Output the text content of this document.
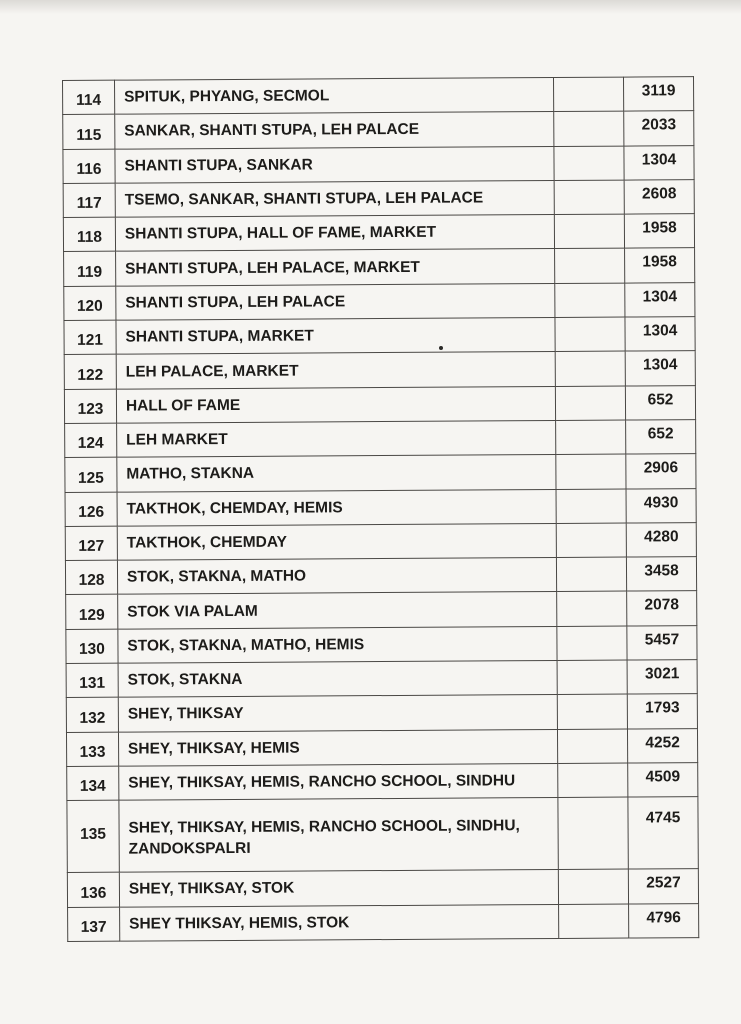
114	SPITUK, PHYANG, SECMOL		3119
115	SANKAR, SHANTI STUPA, LEH PALACE		2033
116	SHANTI STUPA, SANKAR		1304
117	TSEMO, SANKAR, SHANTI STUPA, LEH PALACE		2608
118	SHANTI STUPA, HALL OF FAME, MARKET		1958
119	SHANTI STUPA, LEH PALACE, MARKET		1958
120	SHANTI STUPA, LEH PALACE		1304
121	SHANTI STUPA, MARKET		1304
122	LEH PALACE, MARKET		1304
123	HALL OF FAME		652
124	LEH MARKET		652
125	MATHO, STAKNA		2906
126	TAKTHOK, CHEMDAY, HEMIS		4930
127	TAKTHOK, CHEMDAY		4280
128	STOK, STAKNA, MATHO		3458
129	STOK VIA PALAM		2078
130	STOK, STAKNA, MATHO, HEMIS		5457
131	STOK, STAKNA		3021
132	SHEY, THIKSAY		1793
133	SHEY, THIKSAY, HEMIS		4252
134	SHEY, THIKSAY, HEMIS, RANCHO SCHOOL, SINDHU		4509
135	SHEY, THIKSAY, HEMIS, RANCHO SCHOOL, SINDHU,
ZANDOKSPALRI		4745
136	SHEY, THIKSAY, STOK		2527
137	SHEY THIKSAY, HEMIS, STOK		4796
